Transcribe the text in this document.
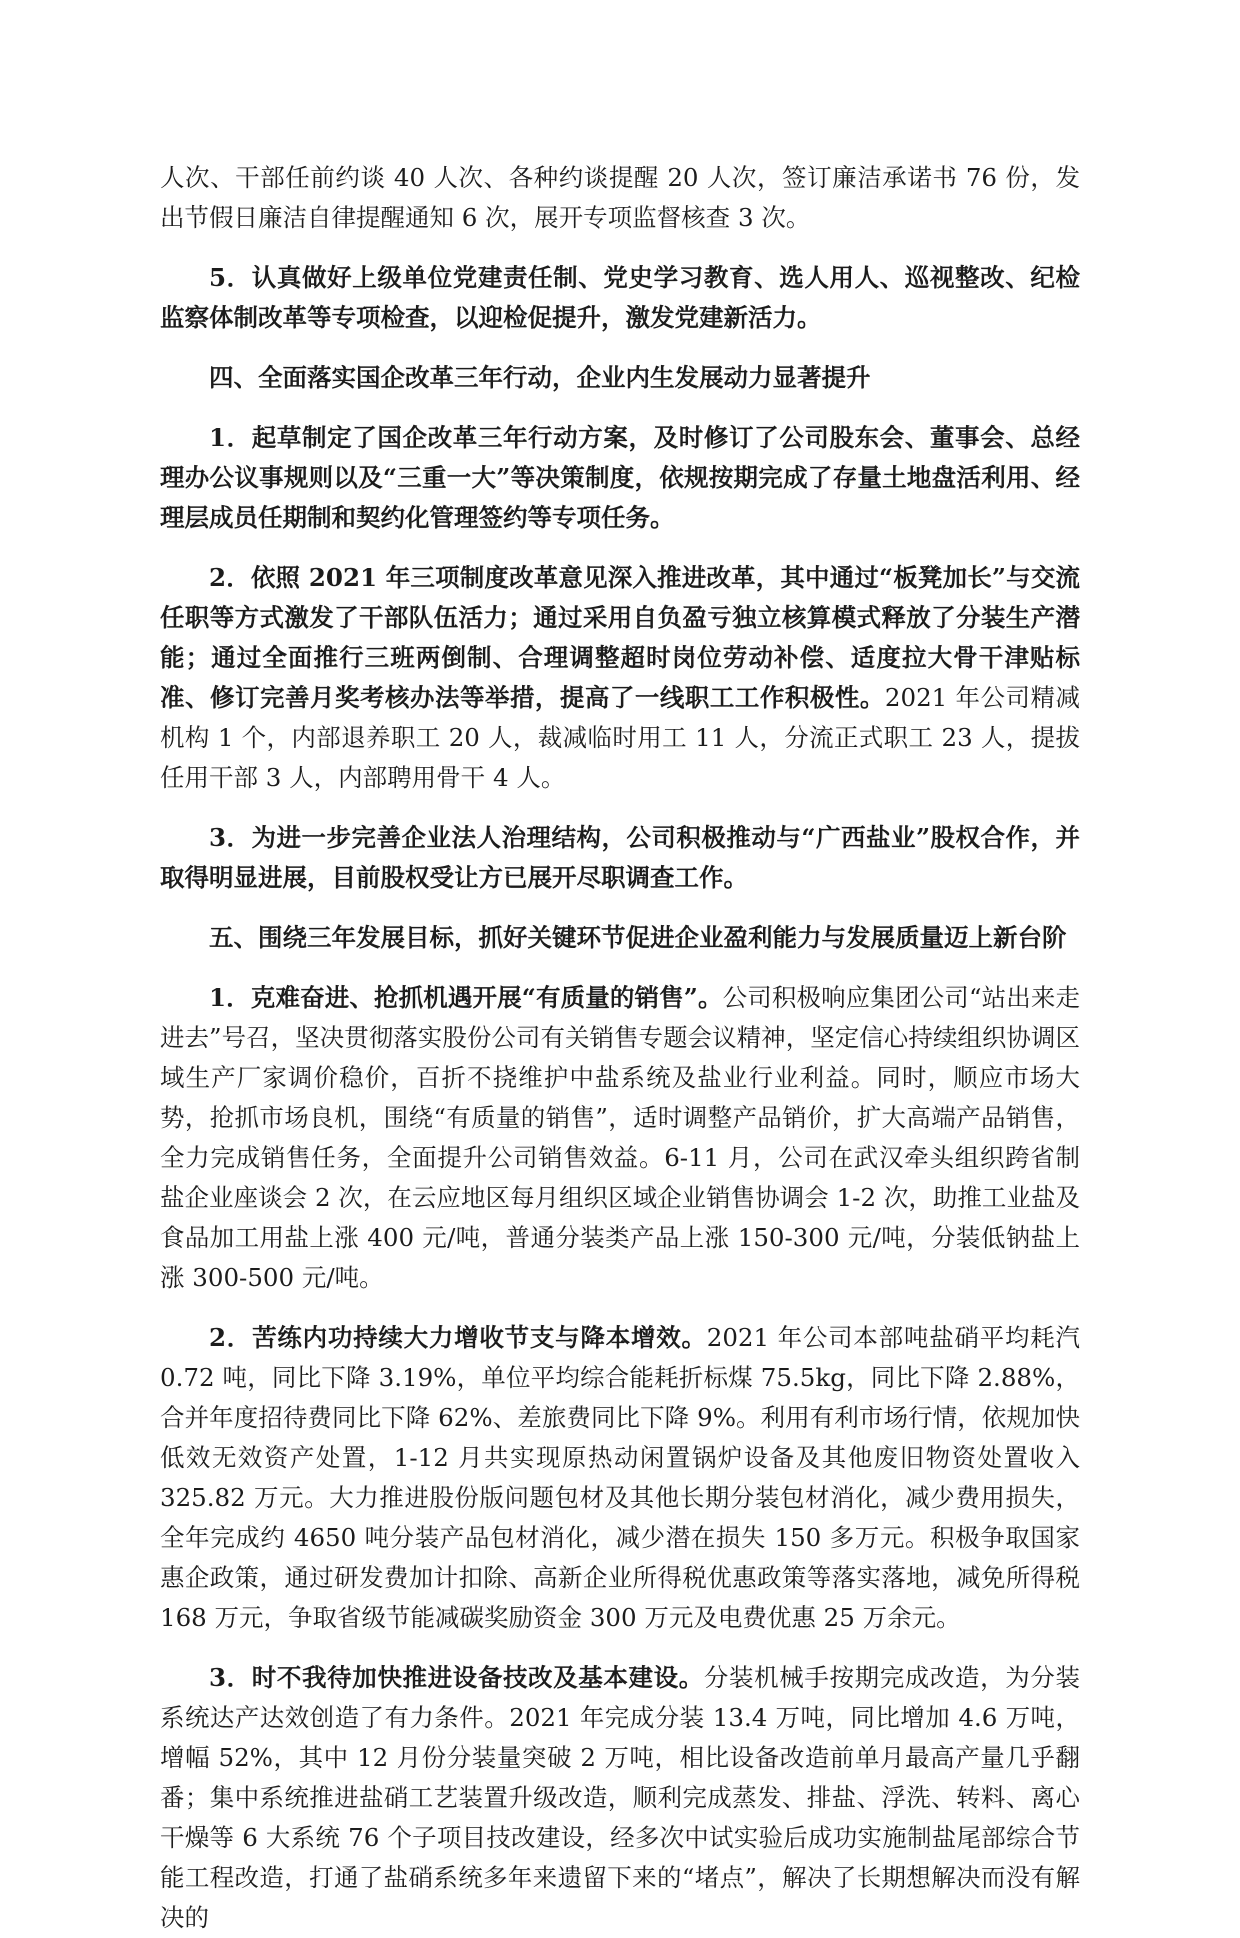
人次、干部任前约谈 40 人次、各种约谈提醒 20 人次，签订廉洁承诺书 76 份，发出节假日廉洁自律提醒通知 6 次，展开专项监督核查 3 次。

5．认真做好上级单位党建责任制、党史学习教育、选人用人、巡视整改、纪检监察体制改革等专项检查，以迎检促提升，激发党建新活力。

四、全面落实国企改革三年行动，企业内生发展动力显著提升

1．起草制定了国企改革三年行动方案，及时修订了公司股东会、董事会、总经理办公议事规则以及“三重一大”等决策制度，依规按期完成了存量土地盘活利用、经理层成员任期制和契约化管理签约等专项任务。

2．依照 2021 年三项制度改革意见深入推进改革，其中通过“板凳加长”与交流任职等方式激发了干部队伍活力；通过采用自负盈亏独立核算模式释放了分装生产潜能；通过全面推行三班两倒制、合理调整超时岗位劳动补偿、适度拉大骨干津贴标准、修订完善月奖考核办法等举措，提高了一线职工工作积极性。2021 年公司精减机构 1 个，内部退养职工 20 人，裁减临时用工 11 人，分流正式职工 23 人，提拔任用干部 3 人，内部聘用骨干 4 人。

3．为进一步完善企业法人治理结构，公司积极推动与“广西盐业”股权合作，并取得明显进展，目前股权受让方已展开尽职调查工作。

五、围绕三年发展目标，抓好关键环节促进企业盈利能力与发展质量迈上新台阶

1．克难奋进、抢抓机遇开展“有质量的销售”。公司积极响应集团公司“站出来走进去”号召，坚决贯彻落实股份公司有关销售专题会议精神，坚定信心持续组织协调区域生产厂家调价稳价，百折不挠维护中盐系统及盐业行业利益。同时，顺应市场大势，抢抓市场良机，围绕“有质量的销售”，适时调整产品销价，扩大高端产品销售，全力完成销售任务，全面提升公司销售效益。6-11 月，公司在武汉牵头组织跨省制盐企业座谈会 2 次，在云应地区每月组织区域企业销售协调会 1-2 次，助推工业盐及食品加工用盐上涨 400 元/吨，普通分装类产品上涨 150-300 元/吨，分装低钠盐上涨 300-500 元/吨。

2．苦练内功持续大力增收节支与降本增效。2021 年公司本部吨盐硝平均耗汽 0.72 吨，同比下降 3.19%，单位平均综合能耗折标煤 75.5kg，同比下降 2.88%，合并年度招待费同比下降 62%、差旅费同比下降 9%。利用有利市场行情，依规加快低效无效资产处置，1-12 月共实现原热动闲置锅炉设备及其他废旧物资处置收入 325.82 万元。大力推进股份版问题包材及其他长期分装包材消化，减少费用损失，全年完成约 4650 吨分装产品包材消化，减少潜在损失 150 多万元。积极争取国家惠企政策，通过研发费加计扣除、高新企业所得税优惠政策等落实落地，减免所得税 168 万元，争取省级节能减碳奖励资金 300 万元及电费优惠 25 万余元。

3．时不我待加快推进设备技改及基本建设。分装机械手按期完成改造，为分装系统达产达效创造了有力条件。2021 年完成分装 13.4 万吨，同比增加 4.6 万吨，增幅 52%，其中 12 月份分装量突破 2 万吨，相比设备改造前单月最高产量几乎翻番；集中系统推进盐硝工艺装置升级改造，顺利完成蒸发、排盐、浮洗、转料、离心干燥等 6 大系统 76 个子项目技改建设，经多次中试实验后成功实施制盐尾部综合节能工程改造，打通了盐硝系统多年来遗留下来的“堵点”，解决了长期想解决而没有解决的
